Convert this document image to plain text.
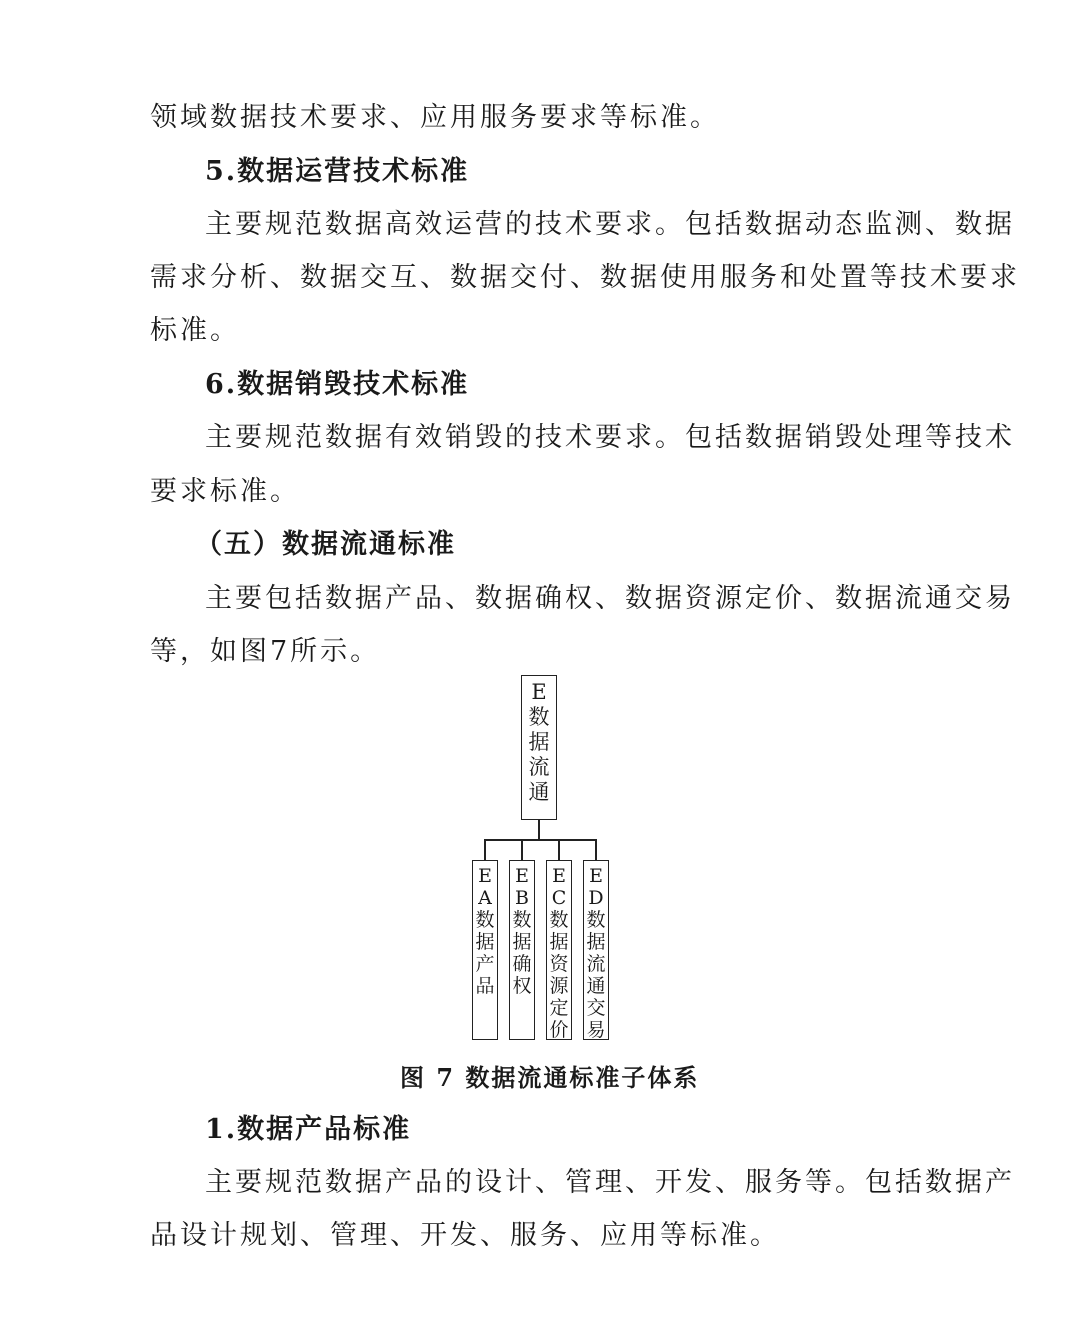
领域数据技术要求、应用服务要求等标准。
5.数据运营技术标准
主要规范数据高效运营的技术要求。包括数据动态监测、数据
需求分析、数据交互、数据交付、数据使用服务和处置等技术要求
标准。
6.数据销毁技术标准
主要规范数据有效销毁的技术要求。包括数据销毁处理等技术
要求标准。
（五）数据流通标准
主要包括数据产品、数据确权、数据资源定价、数据流通交易
等，如图7所示。
E
数
据
流
通
E
A
数
据
产
品
E
B
数
据
确
权
E
C
数
据
资
源
定
价
E
D
数
据
流
通
交
易
图 7 数据流通标准子体系
1.数据产品标准
主要规范数据产品的设计、管理、开发、服务等。包括数据产
品设计规划、管理、开发、服务、应用等标准。
